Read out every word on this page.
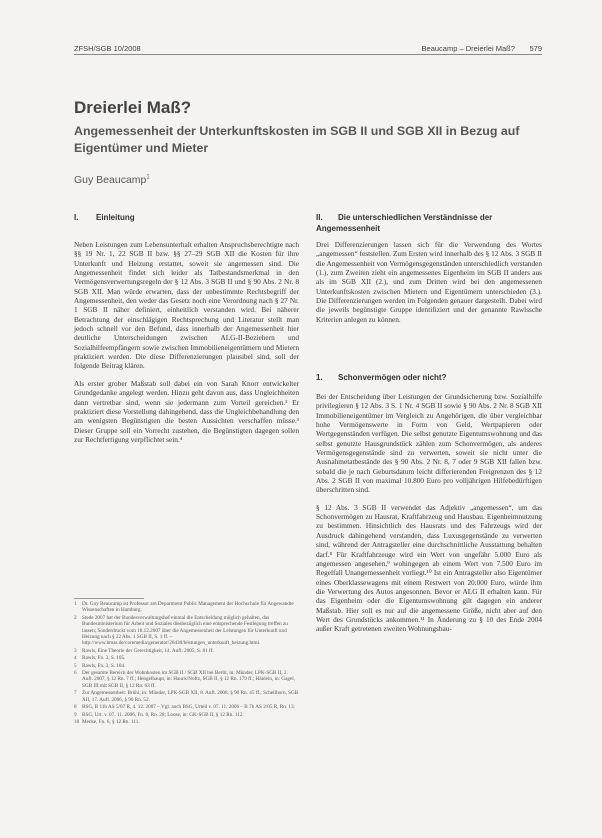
ZFSH/SGB 10/2008	Beaucamp – Dreierlei Maß? 579
Dreierlei Maß?
Angemessenheit der Unterkunftskosten im SGB II und SGB XII in Bezug auf Eigentümer und Mieter
Guy Beaucamp$^1$
I. Einleitung

Neben Leistungen zum Lebensunterhalt erhalten Anspruchsberechtigte nach §§ 19 Nr. 1, 22 SGB II bzw. §§ 27–29 SGB XII die Kosten für ihre Unterkunft und Heizung erstattet, soweit sie angemessen sind. Die Angemessenheit findet sich leider als Tatbestandsmerkmal in den Vermögensverwertungsregeln der § 12 Abs. 3 SGB II und § 90 Abs. 2 Nr. 8 SGB XII. Man würde erwarten, dass der unbestimmte Rechtsbegriff der Angemessenheit, den weder das Gesetz noch eine Verordnung nach § 27 Nr. 1 SGB II näher definiert, einheitlich verstanden wird. Bei näherer Betrachtung der einschlägigen Rechtsprechung und Literatur stellt man jedoch schnell vor den Befund, dass innerhalb der Angemessenheit hier deutliche Unterscheidungen zwischen ALG-II-Beziehern und Sozialhilfeempfängern sowie zwischen Immobilieneigentümern und Mietern praktiziert werden. Die diese Differenzierungen plausibel sind, soll der folgende Beitrag klären.

Als erster grober Maßstab soll dabei ein von Sarah Knorr entwickelter Grundgedanke angelegt werden. Hinzu geht davon aus, dass Ungleichheiten dann vertretbar sind, wenn sie jedermann zum Vorteil gereichen.² Er praktiziert diese Vorstellung dahingehend, dass die Ungleichbehandlung den am wenigsten Begünstigten die besten Aussichten verschaffen müsse.³ Dieser Gruppe soll ein Vorrecht zustehen, die Begünstigten dagegen sollen zur Rechtfertigung verpflichtet sein.⁴

1	Dr. Guy Beaucamp ist Professor am Department Public Management der Hochschule für Angewandte Wissenschaften in Hamburg.
2	Stede 2007 hat der Bundesverwaltungshof einmal die Entscheidung möglich gehalten, das Bundesministerium für Arbeit und Soziales diesbezüglich eine entsprechende Festlegung treffen zu lassen; Sonderdruckt vom 18.12.2007 über die Angemessenheit der Leistungen für Unterkunft und Heizung nach § 22 Abs. 1 SGB II, S. 1 ff. – http://www.bmas.de/coremedia/generator/26430/leistungen_unterkunft_heizung.html.
3	Rawls, Eine Theorie der Gerechtigkeit, 14. Aufl. 2005, S. 81 ff.
4	Rawls, Fn. 3, S. 105.
5	Rawls, Fn. 3, S. 104.
6	Der gesamte Bereich der Wohnkosten im SGB II / SGB XII bei Berlit, in: Münder, LPK-SGB II, 2. Aufl. 2007, § 12 Rn. 7 ff.; Hengelhaupt, in: Hauck/Noftz, SGB II, § 12 Rn. 179 ff.; Hänlein, in: Gagel, SGB III mit SGB II, § 12 Rn. 63 ff.
7	Zur Angemessenheit: Brühl, in: Münder, LPK-SGB XII, 8. Aufl. 2008, § 90 Rn. 45 ff.; Schellhorn, SGB XII, 17. Aufl. 2006, § 90 Rn. 52.
8	BSG, B 11b AS 5/07 R, 4. 12. 2007 – Vgl. auch BSG, Urteil v. 07. 11. 2006 – B 7b AS 2/05 R, Rn. 13.
9	BSG, Urt. v. 07. 11. 2006, Fn. 8, Rn. 28; Loose, in: GK-SGB II, § 12 Rn. 112.
10 Mecke, Fn. 6, § 12 Rn. 111.
II. Die unterschiedlichen Verständnisse der Angemessenheit

Drei Differenzierungen lassen sich für die Verwendung des Wortes „angemessen“ feststellen. Zum Ersten wird innerhalb des § 12 Abs. 3 SGB II die Angemessenheit von Vermögensgegenständen unterschiedlich verstanden (1.), zum Zweiten zieht ein angemessenes Eigenheim im SGB II anders aus als im SGB XII (2.), und zum Dritten wird bei den angemessenen Unterkunftskosten zwischen Mietern und Eigentümern unterschieden (3.). Die Differenzierungen werden im Folgenden genauer dargestellt. Dabei wird die jeweils begünstigte Gruppe identifiziert und der genannte Rawlssche Kriterien anlegen zu können.

1. Schonvermögen oder nicht?

Bei der Entscheidung über Leistungen der Grundsicherung bzw. Sozialhilfe privilegieren § 12 Abs. 3 S. 1 Nr. 4 SGB II sowie § 90 Abs. 2 Nr. 8 SGB XII Immobilieneigentümer im Vergleich zu Angehörigen, die über vergleichbar hohe Vermögenswerte in Form von Geld, Wertpapieren oder Wertgegenständen verfügen. Die selbst genutzte Eigentumswohnung und das selbst genutzte Hausgrundstück zählen zum Schonvermögen, als anderes Vermögensgegenstände sind zu verwerten, soweit sie nicht unter die Ausnahmetatbestände des § 90 Abs. 2 Nr. 8, 7 oder 9 SGB XII fallen bzw. sobald die je nach Geburtsdatum leicht differierenden Freigrenzen des § 12 Abs. 2 SGB II von maximal 10.800 Euro pro volljährigen Hilfebedürftigen überschritten sind.

§ 12 Abs. 3 SGB II verwendet das Adjektiv „angemessen“, um das Schonvermögen zu Hausrat, Kraftfahrzeug und Hausbau. Eigenheimnutzung zu bestimmen. Hinsichtlich des Hausrats und des Fahrzeugs wird der Ausdruck dahingehend verstanden, dass Luxusgegenstände zu verwerten sind, während der Antragsteller eine durchschnittliche Ausstattung behalten darf.⁸ Für Kraftfahrzeuge wird ein Wert von ungefähr 5.000 Euro als angemessen angesehen,⁹ wohingegen ab einem Wert von 7.500 Euro im Regelfall Unangemessenheit vorliegt.¹⁰ Ist ein Antragsteller also Eigentümer eines Oberklassewagens mit einem Restwert von 20.000 Euro, würde ihm die Verwertung des Autos angesonnen. Bevor er ALG II erhalten kann. Für das Eigenheim oder die Eigentumswohnung gilt dagegen ein anderer Maßstab. Hier soll es nur auf die angemessene Größe, nicht aber auf den Wert des Grundstücks ankommen.¹¹ In Änderung zu § 10 des Ende 2004 außer Kraft getretenen zweiten Wohnungsbau-
